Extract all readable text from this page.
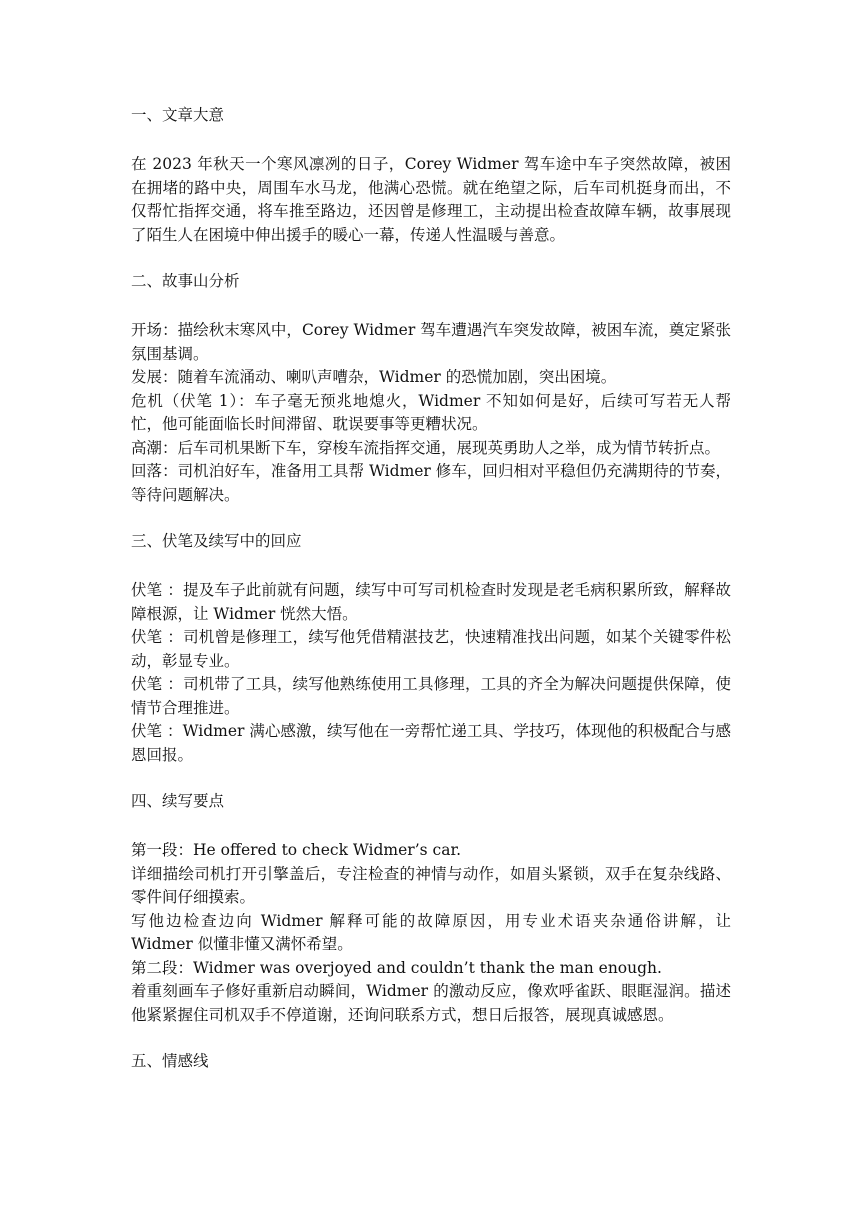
一、文章大意

在 2023 年秋天一个寒风凛冽的日子，Corey Widmer 驾车途中车子突然故障，被困在拥堵的路中央，周围车水马龙，他满心恐慌。就在绝望之际，后车司机挺身而出，不仅帮忙指挥交通，将车推至路边，还因曾是修理工，主动提出检查故障车辆，故事展现了陌生人在困境中伸出援手的暖心一幕，传递人性温暖与善意。

二、故事山分析

开场：描绘秋末寒风中，Corey Widmer 驾车遭遇汽车突发故障，被困车流，奠定紧张氛围基调。

发展：随着车流涌动、喇叭声嘈杂，Widmer 的恐慌加剧，突出困境。

危机（伏笔 1）：车子毫无预兆地熄火，Widmer 不知如何是好，后续可写若无人帮忙，他可能面临长时间滞留、耽误要事等更糟状况。

高潮：后车司机果断下车，穿梭车流指挥交通，展现英勇助人之举，成为情节转折点。

回落：司机泊好车，准备用工具帮 Widmer 修车，回归相对平稳但仍充满期待的节奏，等待问题解决。

三、伏笔及续写中的回应

伏笔 ：提及车子此前就有问题，续写中可写司机检查时发现是老毛病积累所致，解释故障根源，让 Widmer 恍然大悟。

伏笔 ：司机曾是修理工，续写他凭借精湛技艺，快速精准找出问题，如某个关键零件松动，彰显专业。

伏笔 ：司机带了工具，续写他熟练使用工具修理，工具的齐全为解决问题提供保障，使情节合理推进。

伏笔 ：Widmer 满心感激，续写他在一旁帮忙递工具、学技巧，体现他的积极配合与感恩回报。

四、续写要点

第一段：He offered to check Widmer’s car.

详细描绘司机打开引擎盖后，专注检查的神情与动作，如眉头紧锁，双手在复杂线路、零件间仔细摸索。

写他边检查边向 Widmer 解释可能的故障原因，用专业术语夹杂通俗讲解，让 Widmer 似懂非懂又满怀希望。

第二段：Widmer was overjoyed and couldn’t thank the man enough.

着重刻画车子修好重新启动瞬间，Widmer 的激动反应，像欢呼雀跃、眼眶湿润。描述他紧紧握住司机双手不停道谢，还询问联系方式，想日后报答，展现真诚感恩。

五、情感线
